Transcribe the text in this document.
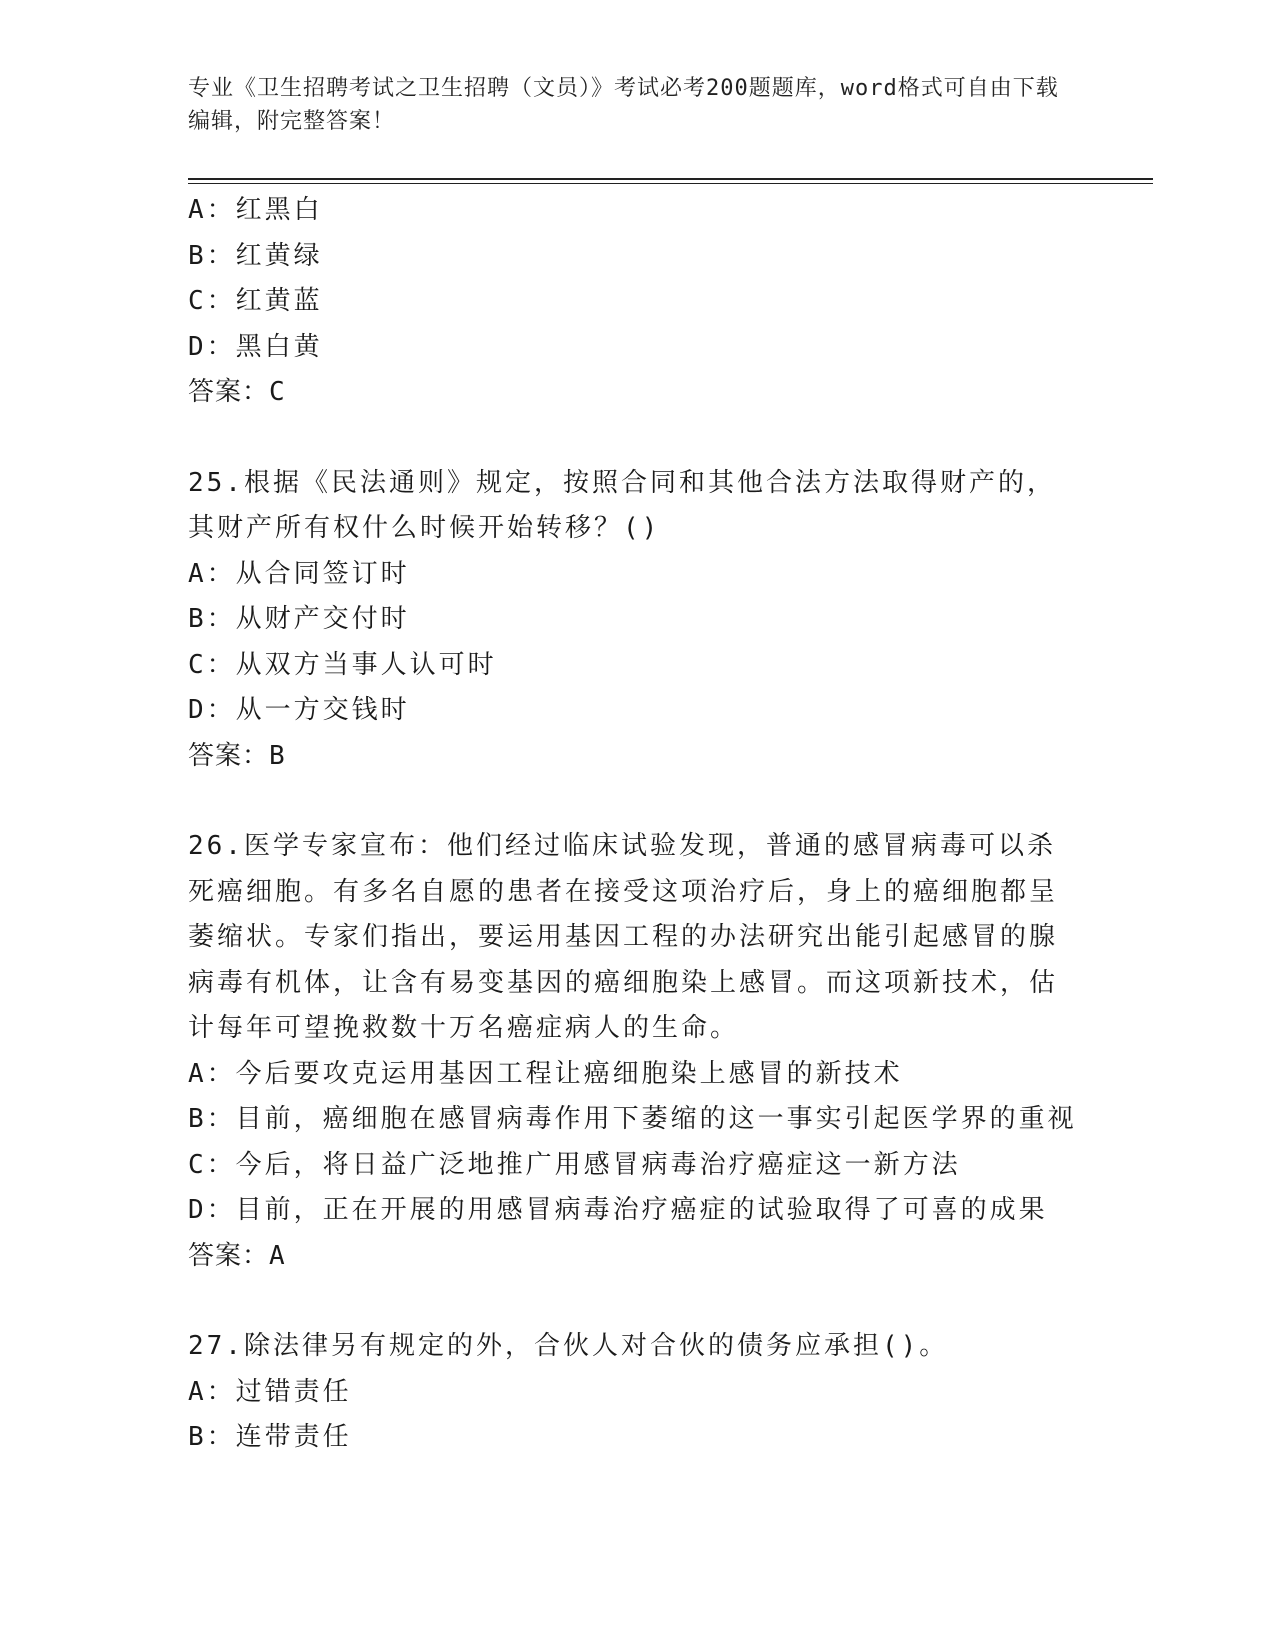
专业《卫生招聘考试之卫生招聘（文员）》考试必考200题题库，word格式可自由下载编辑，附完整答案！
A：红黑白
B：红黄绿
C：红黄蓝
D：黑白黄
答案：C
25.根据《民法通则》规定，按照合同和其他合法方法取得财产的，其财产所有权什么时候开始转移？()
A：从合同签订时
B：从财产交付时
C：从双方当事人认可时
D：从一方交钱时
答案：B
26.医学专家宣布：他们经过临床试验发现，普通的感冒病毒可以杀死癌细胞。有多名自愿的患者在接受这项治疗后，身上的癌细胞都呈萎缩状。专家们指出，要运用基因工程的办法研究出能引起感冒的腺病毒有机体，让含有易变基因的癌细胞染上感冒。而这项新技术，估计每年可望挽救数十万名癌症病人的生命。
A：今后要攻克运用基因工程让癌细胞染上感冒的新技术
B：目前，癌细胞在感冒病毒作用下萎缩的这一事实引起医学界的重视
C：今后，将日益广泛地推广用感冒病毒治疗癌症这一新方法
D：目前，正在开展的用感冒病毒治疗癌症的试验取得了可喜的成果
答案：A
27.除法律另有规定的外，合伙人对合伙的债务应承担()。
A：过错责任
B：连带责任
